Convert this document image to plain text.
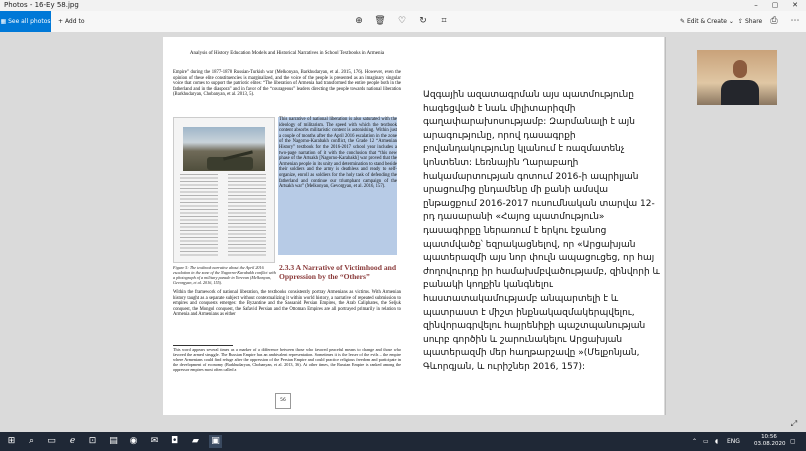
Photos - 16-Ey 58.jpg	–	▢	✕
▦ See all photos + Add to	⊕ 🗑 ♡ ↻	⌗	✎ Edit & Create ⌄ ⇪ Share ⎙ ⋯
Analysis of History Education Models and Historical Narratives in School Textbooks in Armenia

Empire” during the 1877-1878 Russian-Turkish war (Melkonyan, Barkhudaryan, et al. 2015, 176). However, even the opinion of these elite constituencies is marginalized, and the voice of the people is presented as an imaginary singular voice that comes to support the patriotic elites: “The liberation of Armenia had transformed the entire people both in the fatherland and in the diaspora” and in favor of the “courageous” leaders directing the people towards national liberation (Barkhudaryan, Chobanyan, et al. 2013, 5).

This narrative of national liberation is also saturated with the ideology of militarism. The speed with which the textbook content absorbs militaristic content is astonishing. Within just a couple of months after the April 2016 escalation in the zone of the Nagorno-Karabakh conflict, the Grade 12 “Armenian History” textbook for the 2016-2017 school year includes a two-page narration of it with the conclusion that “this new phase of the Artsakh [Nagorno-Karabakh] war proved that the Armenian people in its unity and determination to stand beside their soldiers and the army is deathless and ready to self-organize, enroll as soldiers for the holy task of defending the fatherland and continue our triumphant campaign of the Artsakh war” (Melkonyan, Gevorgyan, et al. 2016, 157).

Figure 5: The textbook narrative about the April 2016 escalation in the zone of the Nagorno-Karabakh conflict with a photograph of a military parade in Yerevan (Melkonyan, Gevorgyan, et al. 2016, 155).

2.3.3 A Narrative of Victimhood and Oppression by the “Others”

Within the framework of national liberation, the textbooks consistently portray Armenians as victims. With Armenian history taught as a separate subject without contextualizing it within world history, a narrative of repeated submission to empires and conquests emerges: the Byzantine and the Sassanid Persian Empires, the Arab Caliphates, the Seljuk conquest, the Mongol conquest, the Safavid Persian and the Ottoman Empires are all portrayed primarily in relation to Armenia and Armenians as either

This word appears several times as a marker of a difference between those who favored peaceful means to change and those who favored the armed struggle. The Russian Empire has an ambivalent representation. Sometimes it is the lesser of the evils – the empire where Armenians could find refuge after the oppression of the Persian Empire and could practice religious freedom and participate in the development of economy (Barkhudaryan, Chobanyan, et al. 2013, 36). At other times, the Russian Empire is ranked among the oppressor empires most often called a

56

Ազգային ազատագրման այս պատմությունը հագեցված է նաև միլիտարիզմի գաղափարախոսությամբ: Զարմանալի է այն արագությունը, որով դասագրքի բովանդակությունը կլանում է ռազմատենչ կոնտենտ: Լեռնային Ղարաբաղի հակամարտության գոտում 2016-ի ապրիլյան սրացումից ընդամենը մի քանի ամսվա ընթացքում 2016-2017 ուսումնական տարվա 12-րդ դասարանի «Հայոց պատմություն» դասագիրքը ներառում է երկու էջանոց պատմվածք՝ եզրակացնելով, որ «Արցախյան պատերազմի այս նոր փուլն ապացուցեց, որ հայ ժողովուրդը իր համախմբվածությամբ, զինվորի և բանակի կողքին կանգնելու հաստատակամությամբ անպարտելի է և պատրաստ է միշտ ինքնակազմակերպվելու, զինվորագրվելու հայրենիքի պաշտպանության սուրբ գործին և շարունակելու Արցախյան պատերազմի մեր հաղթարշավը »(Մելքոնյան, Գևորգյան, և ուրիշներ 2016, 157):

⤢
⊞	⌕	▭	ℯ	⊡	▤ ◉	✉	◘	▰	▣	⌃ ▭ ◖ ENG
10:56
03.08.2020 ▢
